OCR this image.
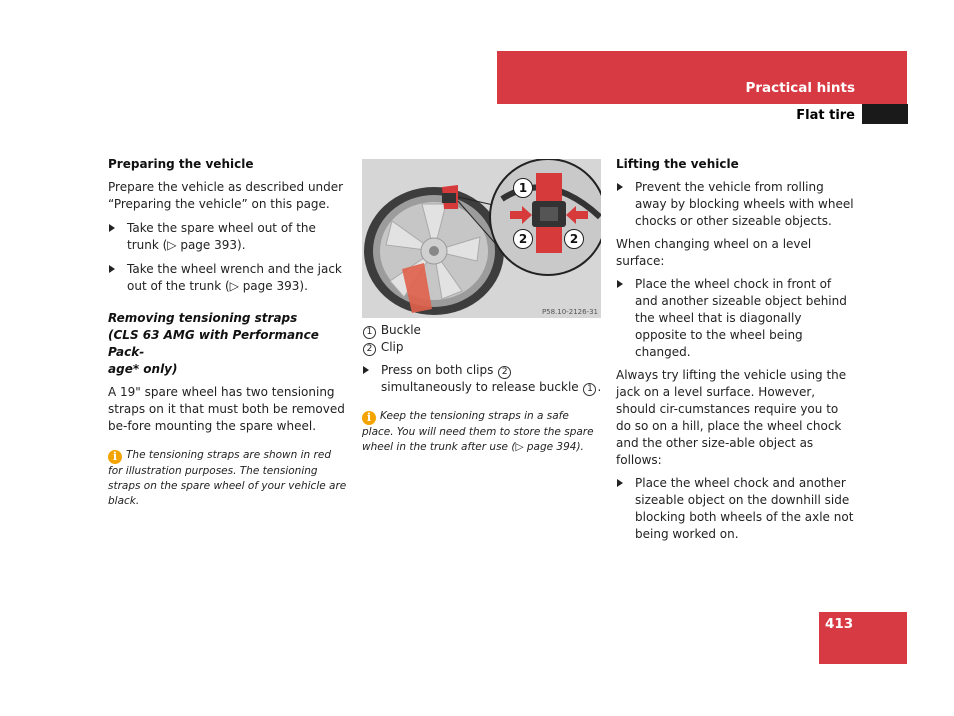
Practical hints
Flat tire

Preparing the vehicle

Prepare the vehicle as described under “Preparing the vehicle” on this page.

Take the spare wheel out of the trunk (▷ page 393).

Take the wheel wrench and the jack out of the trunk (▷ page 393).

Removing tensioning straps
(CLS 63 AMG with Performance Pack-
age* only)

A 19" spare wheel has two tensioning straps on it that must both be removed be-fore mounting the spare wheel.

i The tensioning straps are shown in red for illustration purposes. The tensioning straps on the spare wheel of your vehicle are black.

1
2	2
P58.10-2126-31

1 Buckle

2 Clip

Press on both clips 2 simultaneously to release buckle 1 .

i Keep the tensioning straps in a safe place. You will need them to store the spare wheel in the trunk after use (▷ page 394).

Lifting the vehicle

Prevent the vehicle from rolling away by blocking wheels with wheel chocks or other sizeable objects.

When changing wheel on a level surface:

Place the wheel chock in front of and another sizeable object behind the wheel that is diagonally opposite to the wheel being changed.

Always try lifting the vehicle using the jack on a level surface. However, should cir-cumstances require you to do so on a hill, place the wheel chock and the other size-able object as follows:

Place the wheel chock and another sizeable object on the downhill side blocking both wheels of the axle not being worked on.

413
